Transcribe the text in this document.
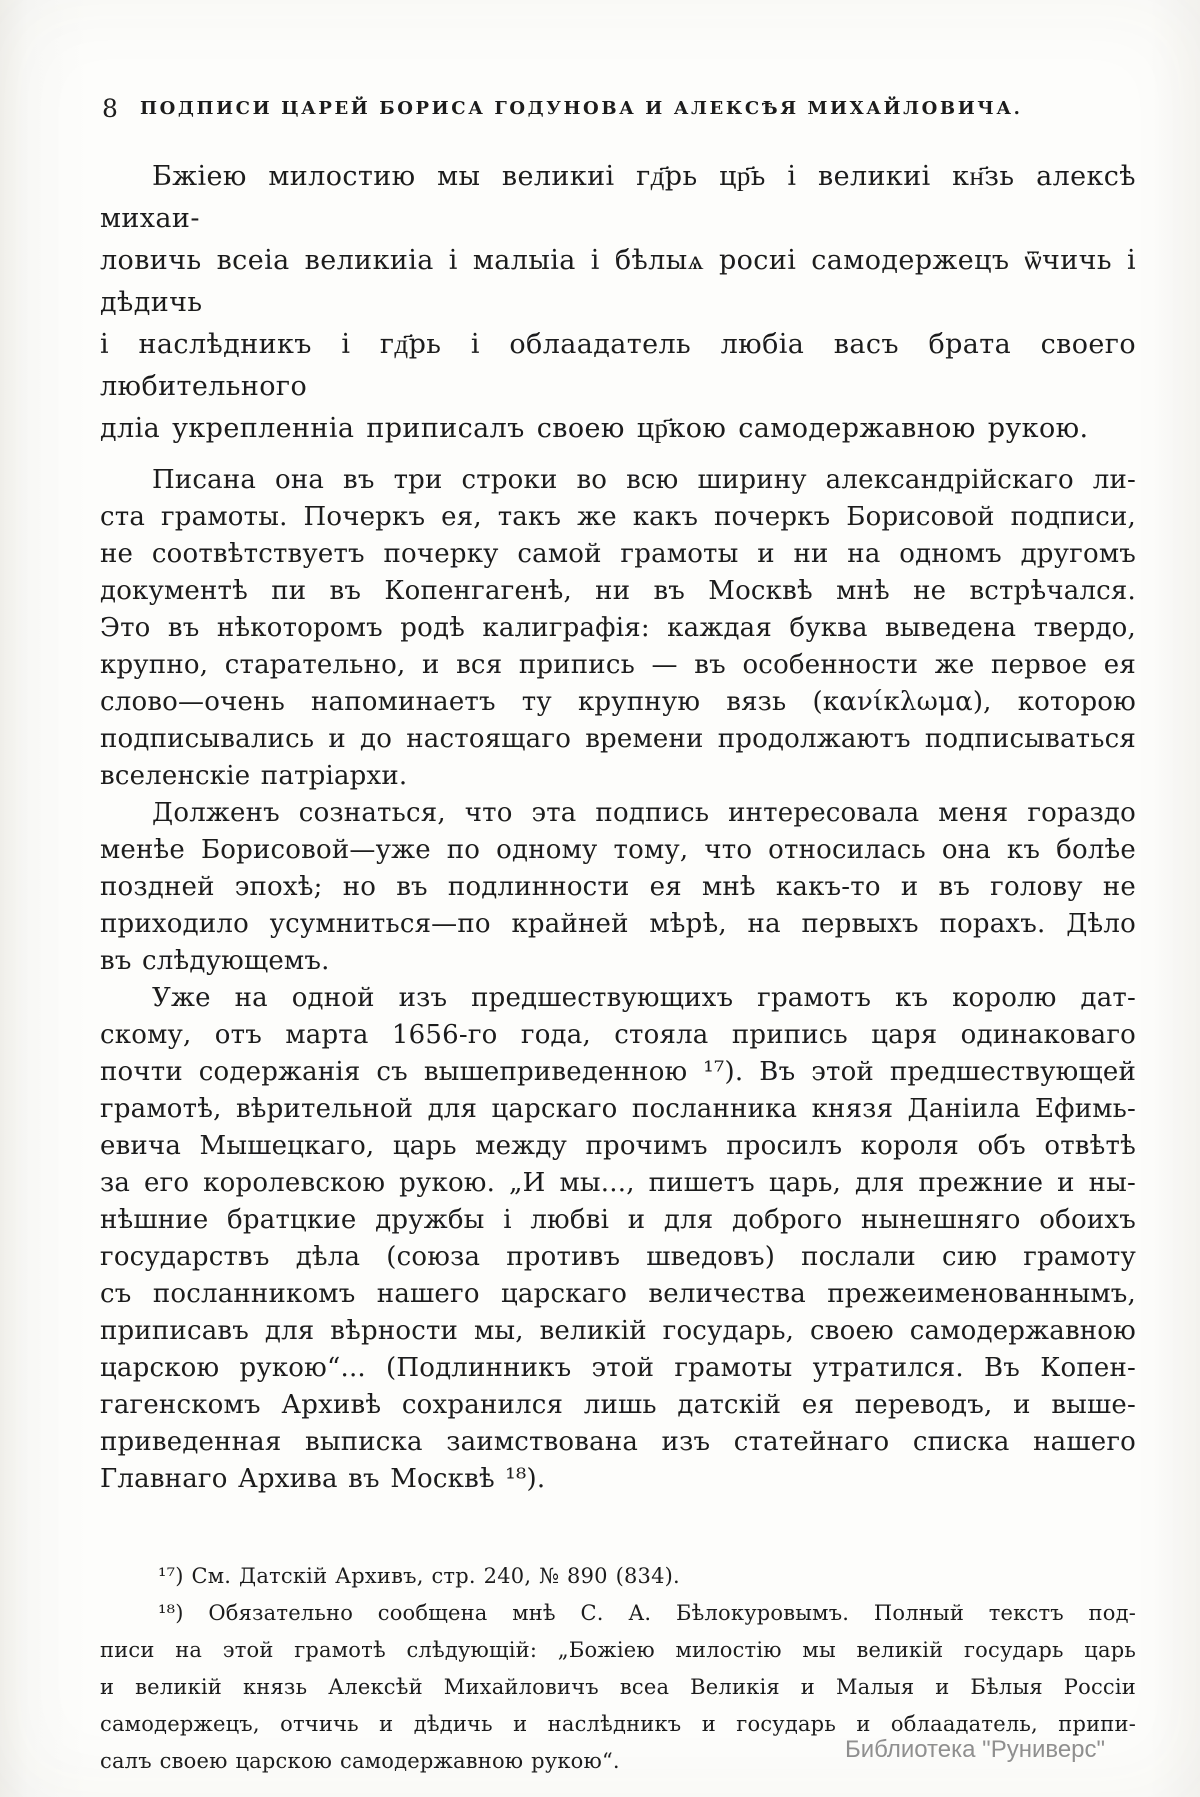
8 ПОДПИСИ ЦАРЕЙ БОРИСА ГОДУНОВА И АЛЕКСѢЯ МИХАЙЛОВИЧА.
Бжіею милостию мы великиі гд҃рь цр҃ь і великиі кн҃зь алексѣ михаи-
ловичь всеіа великиіа і малыіа і бѣлыѧ росиі самодержецъ ѿчичь і дѣдичь
і наслѣдникъ і гд҃рь і облаадатель любіа васъ брата своего любительного
дліа укрепленніа приписалъ своею цр҃кою самодержавною рукою.
Писана она въ три строки во всю ширину александрійскаго ли-
ста грамоты. Почеркъ ея, такъ же какъ почеркъ Борисовой подписи,
не соотвѣтствуетъ почерку самой грамоты и ни на одномъ другомъ
документѣ пи въ Копенгагенѣ, ни въ Москвѣ мнѣ не встрѣчался.
Это въ нѣкоторомъ родѣ калиграфія: каждая буква выведена твердо,
крупно, старательно, и вся припись — въ особенности же первое ея
слово—очень напоминаетъ ту крупную вязь (κανίκλωμα), которою
подписывались и до настоящаго времени продолжаютъ подписываться
вселенскіе патріархи.
Долженъ сознаться, что эта подпись интересовала меня гораздо
менѣе Борисовой—уже по одному тому, что относилась она къ болѣе
поздней эпохѣ; но въ подлинности ея мнѣ какъ-то и въ голову не
приходило усумниться—по крайней мѣрѣ, на первыхъ порахъ. Дѣло
въ слѣдующемъ.
Уже на одной изъ предшествующихъ грамотъ къ королю дат-
скому, отъ марта 1656-го года, стояла припись царя одинаковаго
почти содержанія съ вышеприведенною ¹⁷). Въ этой предшествующей
грамотѣ, вѣрительной для царскаго посланника князя Даніила Ефимь-
евича Мышецкаго, царь между прочимъ просилъ короля объ отвѣтѣ
за его королевскою рукою. „И мы..., пишетъ царь, для прежние и ны-
нѣшние братцкие дружбы і любві и для доброго нынешняго обоихъ
государствъ дѣла (союза противъ шведовъ) послали сию грамоту
съ посланникомъ нашего царскаго величества прежеименованнымъ,
приписавъ для вѣрности мы, великій государь, своею самодержавною
царскою рукою“... (Подлинникъ этой грамоты утратился. Въ Копен-
гагенскомъ Архивѣ сохранился лишь датскій ея переводъ, и выше-
приведенная выписка заимствована изъ статейнаго списка нашего
Главнаго Архива въ Москвѣ ¹⁸).
¹⁷) См. Датскій Архивъ, стр. 240, № 890 (834).
¹⁸) Обязательно сообщена мнѣ С. А. Бѣлокуровымъ. Полный текстъ под-
писи на этой грамотѣ слѣдующій: „Божіею милостію мы великій государь царь
и великій князь Алексѣй Михайловичъ всеа Великія и Малыя и Бѣлыя Россіи
самодержецъ, отчичь и дѣдичь и наслѣдникъ и государь и облаадатель, припи-
салъ своею царскою самодержавною рукою“.	Библиотека "Руниверс"
